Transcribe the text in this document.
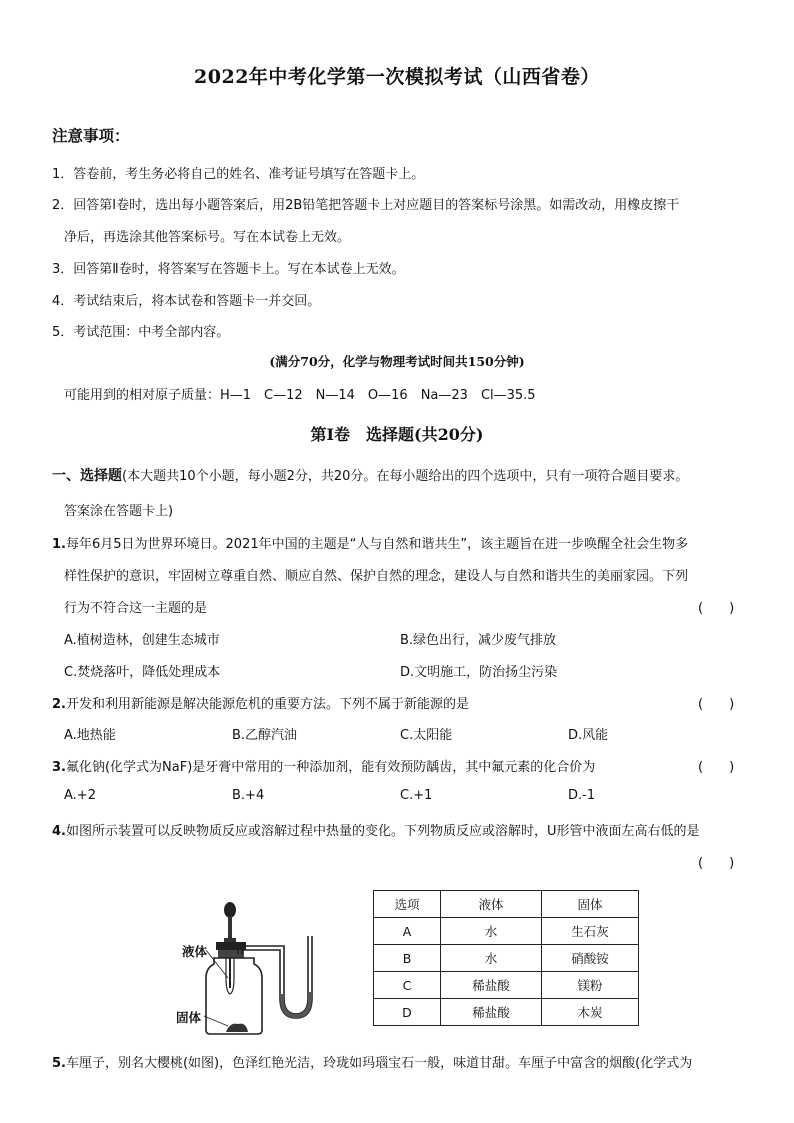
2022年中考化学第一次模拟考试（山西省卷）
注意事项：
1．答卷前，考生务必将自己的姓名、准考证号填写在答题卡上。
2．回答第Ⅰ卷时，选出每小题答案后，用2B铅笔把答题卡上对应题目的答案标号涂黑。如需改动，用橡皮擦干
净后，再选涂其他答案标号。写在本试卷上无效。
3．回答第Ⅱ卷时，将答案写在答题卡上。写在本试卷上无效。
4．考试结束后，将本试卷和答题卡一并交回。
5．考试范围：中考全部内容。
(满分70分，化学与物理考试时间共150分钟)
可能用到的相对原子质量：H—1　C—12　N—14　O—16　Na—23　Cl—35.5
第Ⅰ卷　选择题(共20分)
一、选择题(本大题共10个小题，每小题2分，共20分。在每小题给出的四个选项中，只有一项符合题目要求。
答案涂在答题卡上)
1.每年6月5日为世界环境日。2021年中国的主题是“人与自然和谐共生”，该主题旨在进一步唤醒全社会生物多
样性保护的意识，牢固树立尊重自然、顺应自然、保护自然的理念，建设人与自然和谐共生的美丽家园。下列
行为不符合这一主题的是	(　　)
A.植树造林，创建生态城市	B.绿色出行，减少废气排放
C.焚烧落叶，降低处理成本	D.文明施工，防治扬尘污染
2.开发和利用新能源是解决能源危机的重要方法。下列不属于新能源的是	(　　)
A.地热能	B.乙醇汽油	C.太阳能	D.风能
3.氟化钠(化学式为NaF)是牙膏中常用的一种添加剂，能有效预防龋齿，其中氟元素的化合价为	(　　)
A.+2	B.+4	C.+1	D.-1
4.如图所示装置可以反映物质反应或溶解过程中热量的变化。下列物质反应或溶解时，U形管中液面左高右低的是
(　　)
液体
固体
选项	液体	固体
A	水	生石灰
B	水	硝酸铵
C	稀盐酸	镁粉
D	稀盐酸	木炭
5.车厘子，别名大樱桃(如图)，色泽红艳光洁，玲珑如玛瑙宝石一般，味道甘甜。车厘子中富含的烟酸(化学式为
